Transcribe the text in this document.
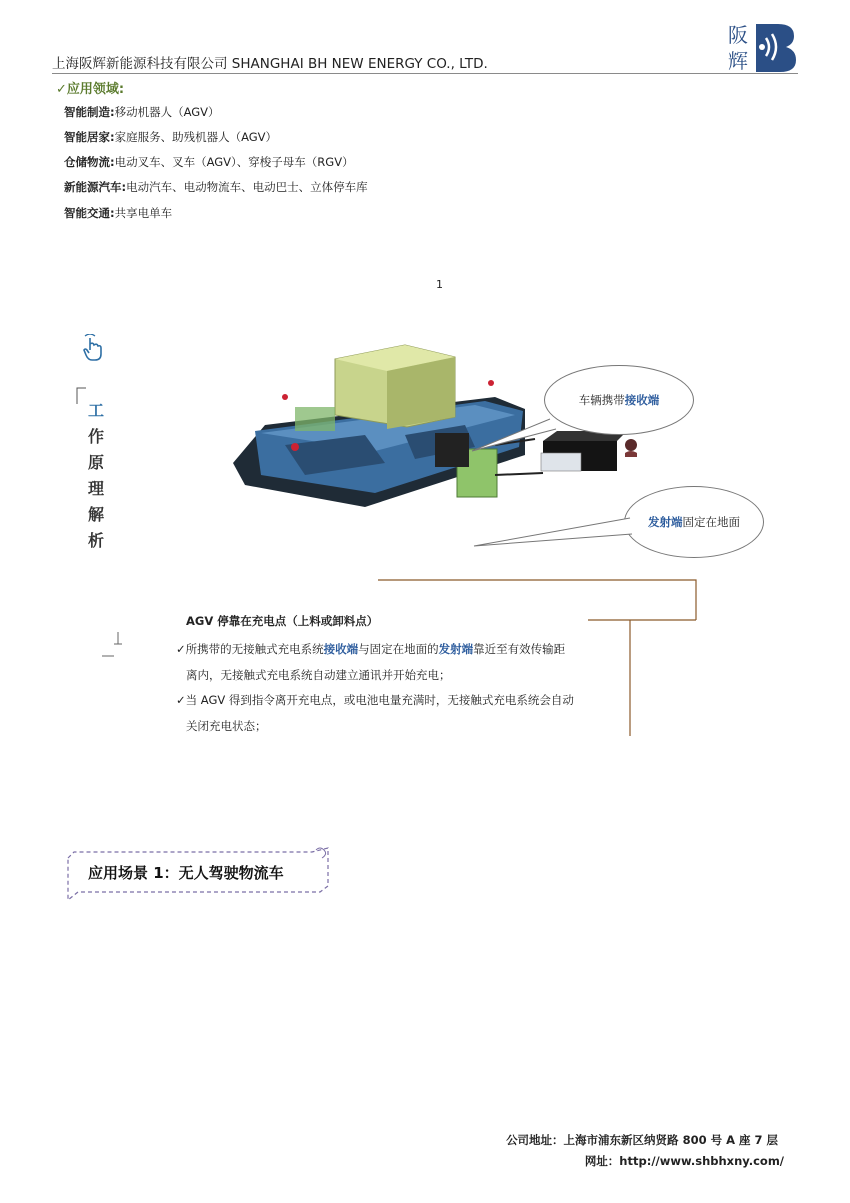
上海阪辉新能源科技有限公司 SHANGHAI BH NEW ENERGY CO., LTD.
阪
辉
✓应用领域:
智能制造:移动机器人（AGV）
智能居家:家庭服务、助残机器人（AGV）
仓储物流:电动叉车、叉车（AGV）、穿梭子母车（RGV）
新能源汽车:电动汽车、电动物流车、电动巴士、立体停车库
智能交通:共享电单车
1
工
作
原
理
解
析
车辆携带 接收端
发射端 固定在地面
AGV 停靠在充电点（上料或卸料点）
✓所携带的无接触式充电系统接收端与固定在地面的发射端靠近至有效传输距
离内，无接触式充电系统自动建立通讯并开始充电；
✓当 AGV 得到指令离开充电点，或电池电量充满时，无接触式充电系统会自动
关闭充电状态；
应用场景 1：无人驾驶物流车
公司地址：上海市浦东新区纳贤路 800 号 A 座 7 层
网址：http://www.shbhxny.com/
